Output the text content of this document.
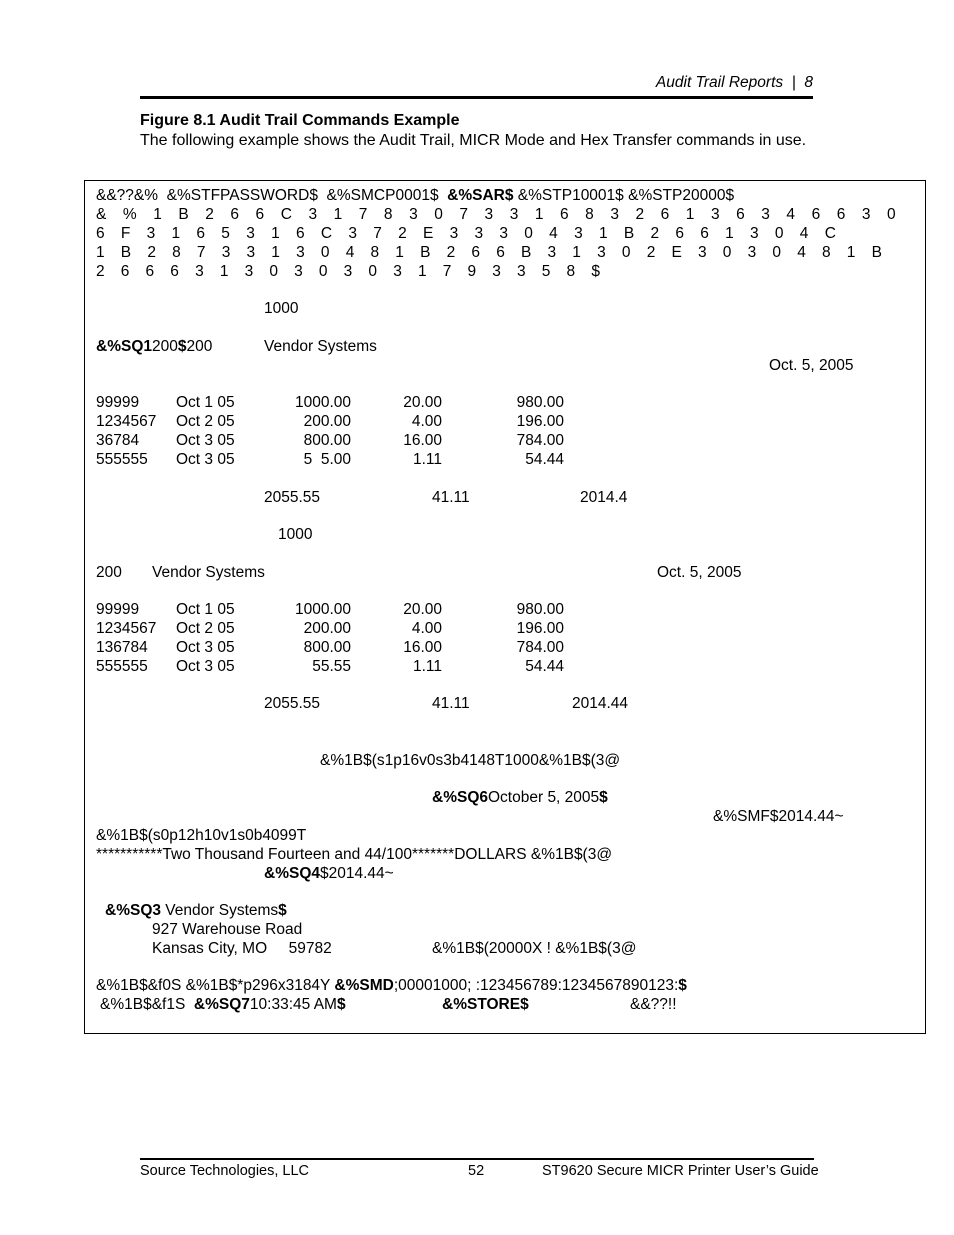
Audit Trail Reports  |  8
Figure 8.1 Audit Trail Commands Example
The following example shows the Audit Trail, MICR Mode and Hex Transfer commands in use.
&&??&%  &%STFPASSWORD$  &%SMCP0001$  &%SAR$ &%STP10001$ &%STP20000$
& % 1 B 2 6 6 C 3 1 7 8 3 0 7 3 3 1 6 8 3 2 6 1 3 6 3 4 6 6 3 0
6 F 3 1 6 5 3 1 6 C 3 7 2 E 3 3 3 0 4 3 1 B 2 6 6 1 3 0 4 C
1 B 2 8 7 3 3 1 3 0 4 8 1 B 2 6 6 B 3 1 3 0 2 E 3 0 3 0 4 8 1 B
2 6 6 6 3 1 3 0 3 0 3 0 3 1 7 9 3 3 5 8 $
1000
&%SQ1200$200	Vendor Systems
Oct. 5, 2005
99999 Oct 1 05	1000.00	20.00	980.00
1234567 Oct 2 05	200.00	4.00	196.00
36784 Oct 3 05	800.00	16.00	784.00
555555 Oct 3 05	5  5.00	1.11	54.44
2055.55	41.11	2014.4
1000
200 Vendor Systems	Oct. 5, 2005
99999 Oct 1 05	1000.00	20.00	980.00
1234567 Oct 2 05	200.00	4.00	196.00
136784 Oct 3 05	800.00	16.00	784.00
555555 Oct 3 05	55.55	1.11	54.44
2055.55	41.11	2014.44
&%1B$(s1p16v0s3b4148T1000&%1B$(3@
&%SQ6October 5, 2005$
&%SMF$2014.44~
&%1B$(s0p12h10v1s0b4099T
***********Two Thousand Fourteen and 44/100*******DOLLARS &%1B$(3@
&%SQ4$2014.44~
&%SQ3 Vendor Systems$
927 Warehouse Road
Kansas City, MO     59782	&%1B$(20000X ! &%1B$(3@
&%1B$&f0S &%1B$*p296x3184Y &%SMD;00001000; :123456789:1234567890123:$
&%1B$&f1S  &%SQ710:33:45 AM$	&%STORE$	&&??!!
Source Technologies, LLC	52	ST9620 Secure MICR Printer User’s Guide
